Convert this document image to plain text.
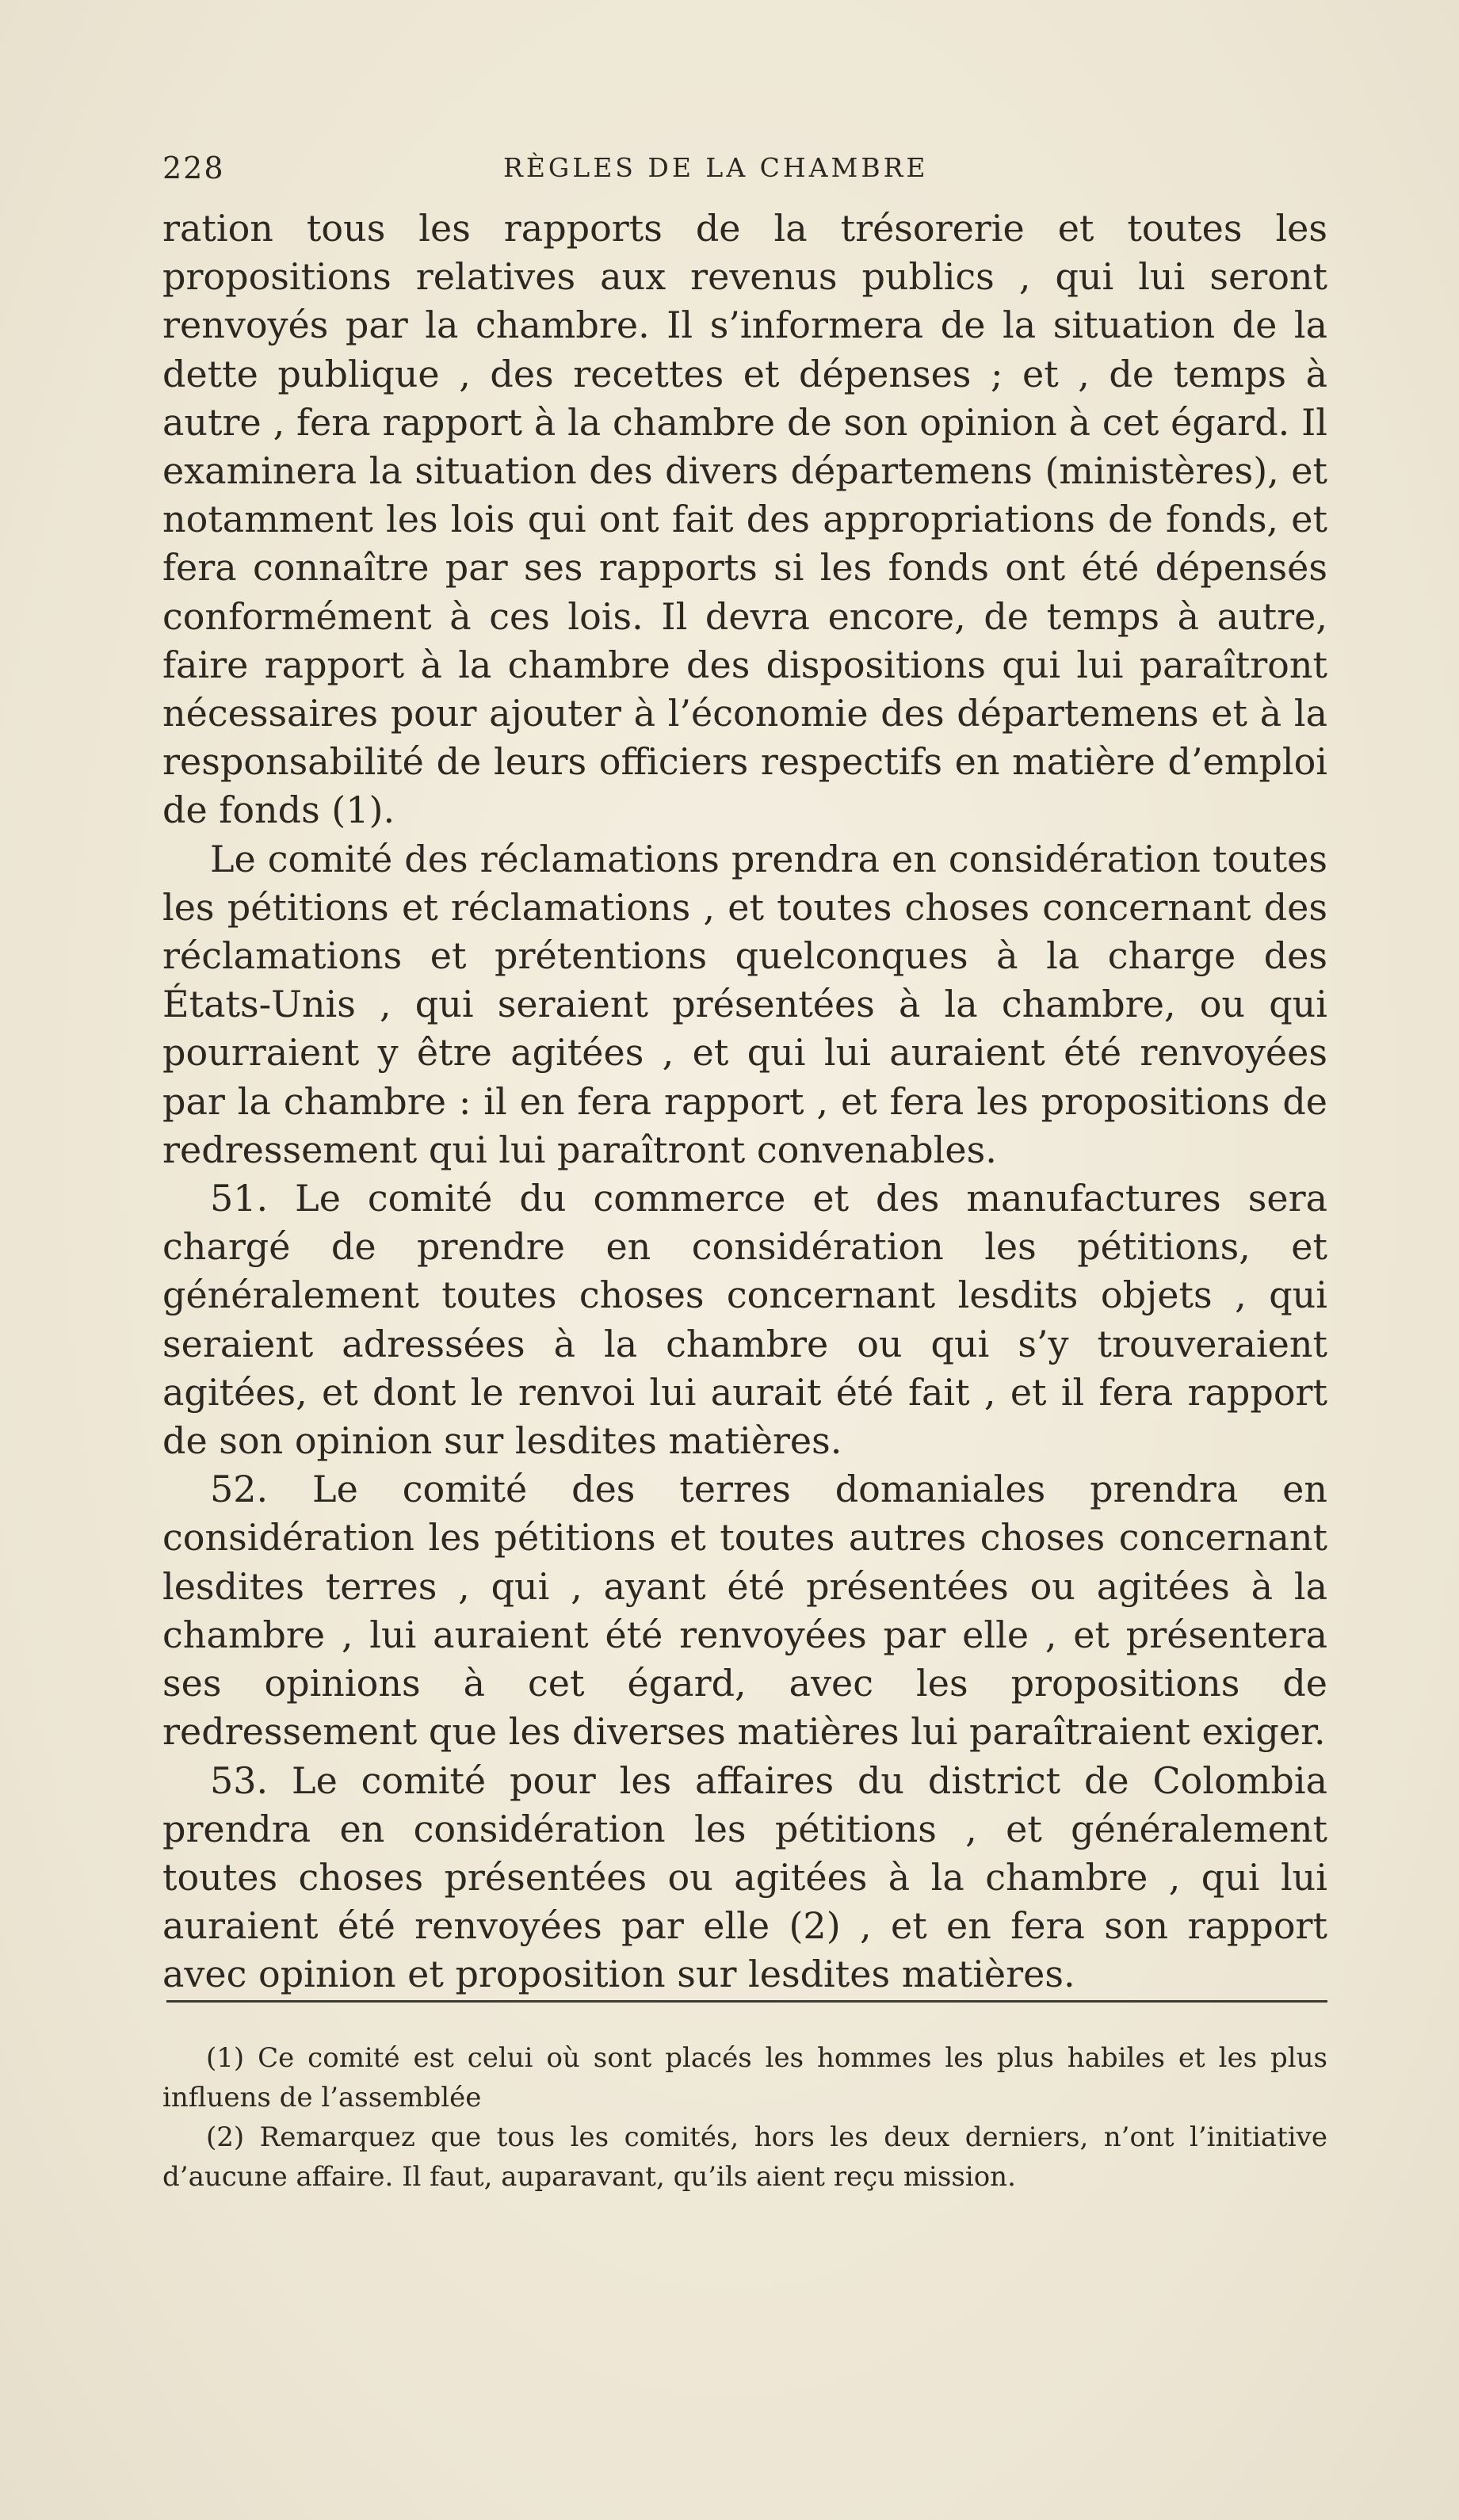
228	RÈGLES DE LA CHAMBRE

ration tous les rapports de la trésorerie et toutes les propositions relatives aux revenus publics , qui lui seront renvoyés par la chambre. Il s’informera de la situation de la dette publique , des recettes et dépenses ; et , de temps à autre , fera rapport à la chambre de son opinion à cet égard. Il examinera la situation des divers départemens (ministères), et notamment les lois qui ont fait des appropriations de fonds, et fera connaître par ses rapports si les fonds ont été dépensés conformément à ces lois. Il devra encore, de temps à autre, faire rapport à la chambre des dispositions qui lui paraîtront nécessaires pour ajouter à l’économie des départemens et à la responsabilité de leurs officiers respectifs en matière d’emploi de fonds (1).

Le comité des réclamations prendra en considération toutes les pétitions et réclamations , et toutes choses concernant des réclamations et prétentions quelconques à la charge des États-Unis , qui seraient présentées à la chambre, ou qui pourraient y être agitées , et qui lui auraient été renvoyées par la chambre : il en fera rapport , et fera les propositions de redressement qui lui paraîtront convenables.

51. Le comité du commerce et des manufactures sera chargé de prendre en considération les pétitions, et généralement toutes choses concernant lesdits objets , qui seraient adressées à la chambre ou qui s’y trouveraient agitées, et dont le renvoi lui aurait été fait , et il fera rapport de son opinion sur lesdites matières.

52. Le comité des terres domaniales prendra en considération les pétitions et toutes autres choses concernant lesdites terres , qui , ayant été présentées ou agitées à la chambre , lui auraient été renvoyées par elle , et présentera ses opinions à cet égard, avec les propositions de redressement que les diverses matières lui paraîtraient exiger.

53. Le comité pour les affaires du district de Colombia prendra en considération les pétitions , et généralement toutes choses présentées ou agitées à la chambre , qui lui auraient été renvoyées par elle (2) , et en fera son rapport avec opinion et proposition sur lesdites matières.

(1) Ce comité est celui où sont placés les hommes les plus habiles et les plus influens de l’assemblée

(2) Remarquez que tous les comités, hors les deux derniers, n’ont l’initiative d’aucune affaire. Il faut, auparavant, qu’ils aient reçu mission.
